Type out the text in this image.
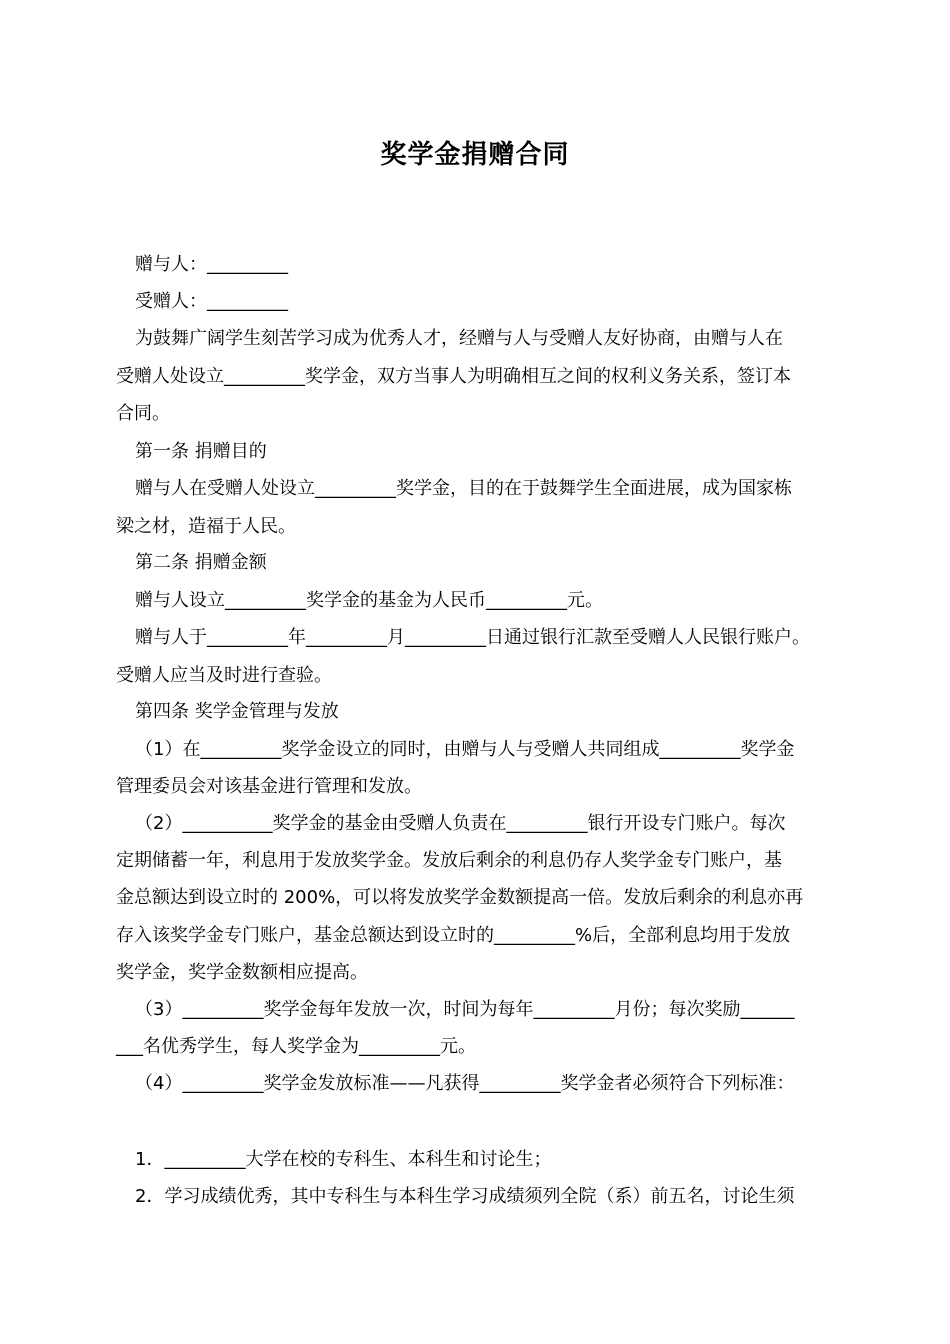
奖学金捐赠合同
赠与人：_________
受赠人：_________
为鼓舞广阔学生刻苦学习成为优秀人才，经赠与人与受赠人友好协商，由赠与人在
受赠人处设立_________奖学金，双方当事人为明确相互之间的权利义务关系，签订本
合同。
第一条 捐赠目的
赠与人在受赠人处设立_________奖学金，目的在于鼓舞学生全面进展，成为国家栋
梁之材，造福于人民。
第二条 捐赠金额
赠与人设立_________奖学金的基金为人民币_________元。
赠与人于_________年_________月_________日通过银行汇款至受赠人人民银行账户。
受赠人应当及时进行查验。
第四条 奖学金管理与发放
（1）在_________奖学金设立的同时，由赠与人与受赠人共同组成_________奖学金
管理委员会对该基金进行管理和发放。
（2）__________奖学金的基金由受赠人负责在_________银行开设专门账户。每次
定期储蓄一年，利息用于发放奖学金。发放后剩余的利息仍存人奖学金专门账户，基
金总额达到设立时的 200%，可以将发放奖学金数额提高一倍。发放后剩余的利息亦再
存入该奖学金专门账户，基金总额达到设立时的_________%后，全部利息均用于发放
奖学金，奖学金数额相应提高。
（3）_________奖学金每年发放一次，时间为每年_________月份；每次奖励______
___名优秀学生，每人奖学金为_________元。
（4）_________奖学金发放标准——凡获得_________奖学金者必须符合下列标准：
1．_________大学在校的专科生、本科生和讨论生；
2．学习成绩优秀，其中专科生与本科生学习成绩须列全院（系）前五名，讨论生须
